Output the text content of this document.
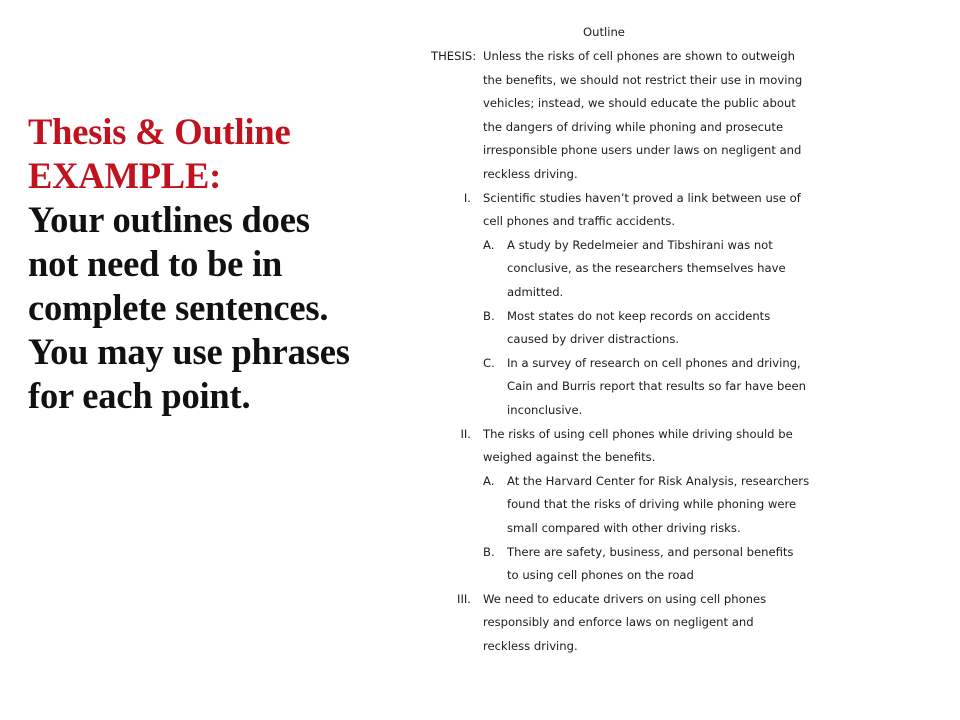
Thesis & Outline
EXAMPLE:
Your outlines does
not need to be in
complete sentences.
You may use phrases
for each point.
Outline
THESIS: Unless the risks of cell phones are shown to outweigh
the benefits, we should not restrict their use in moving
vehicles; instead, we should educate the public about
the dangers of driving while phoning and prosecute
irresponsible phone users under laws on negligent and
reckless driving.
I. Scientific studies haven’t proved a link between use of
cell phones and traffic accidents.
A. A study by Redelmeier and Tibshirani was not
conclusive, as the researchers themselves have
admitted.
B. Most states do not keep records on accidents
caused by driver distractions.
C. In a survey of research on cell phones and driving,
Cain and Burris report that results so far have been
inconclusive.
II. The risks of using cell phones while driving should be
weighed against the benefits.
A. At the Harvard Center for Risk Analysis, researchers
found that the risks of driving while phoning were
small compared with other driving risks.
B. There are safety, business, and personal benefits
to using cell phones on the road
III. We need to educate drivers on using cell phones
responsibly and enforce laws on negligent and
reckless driving.
